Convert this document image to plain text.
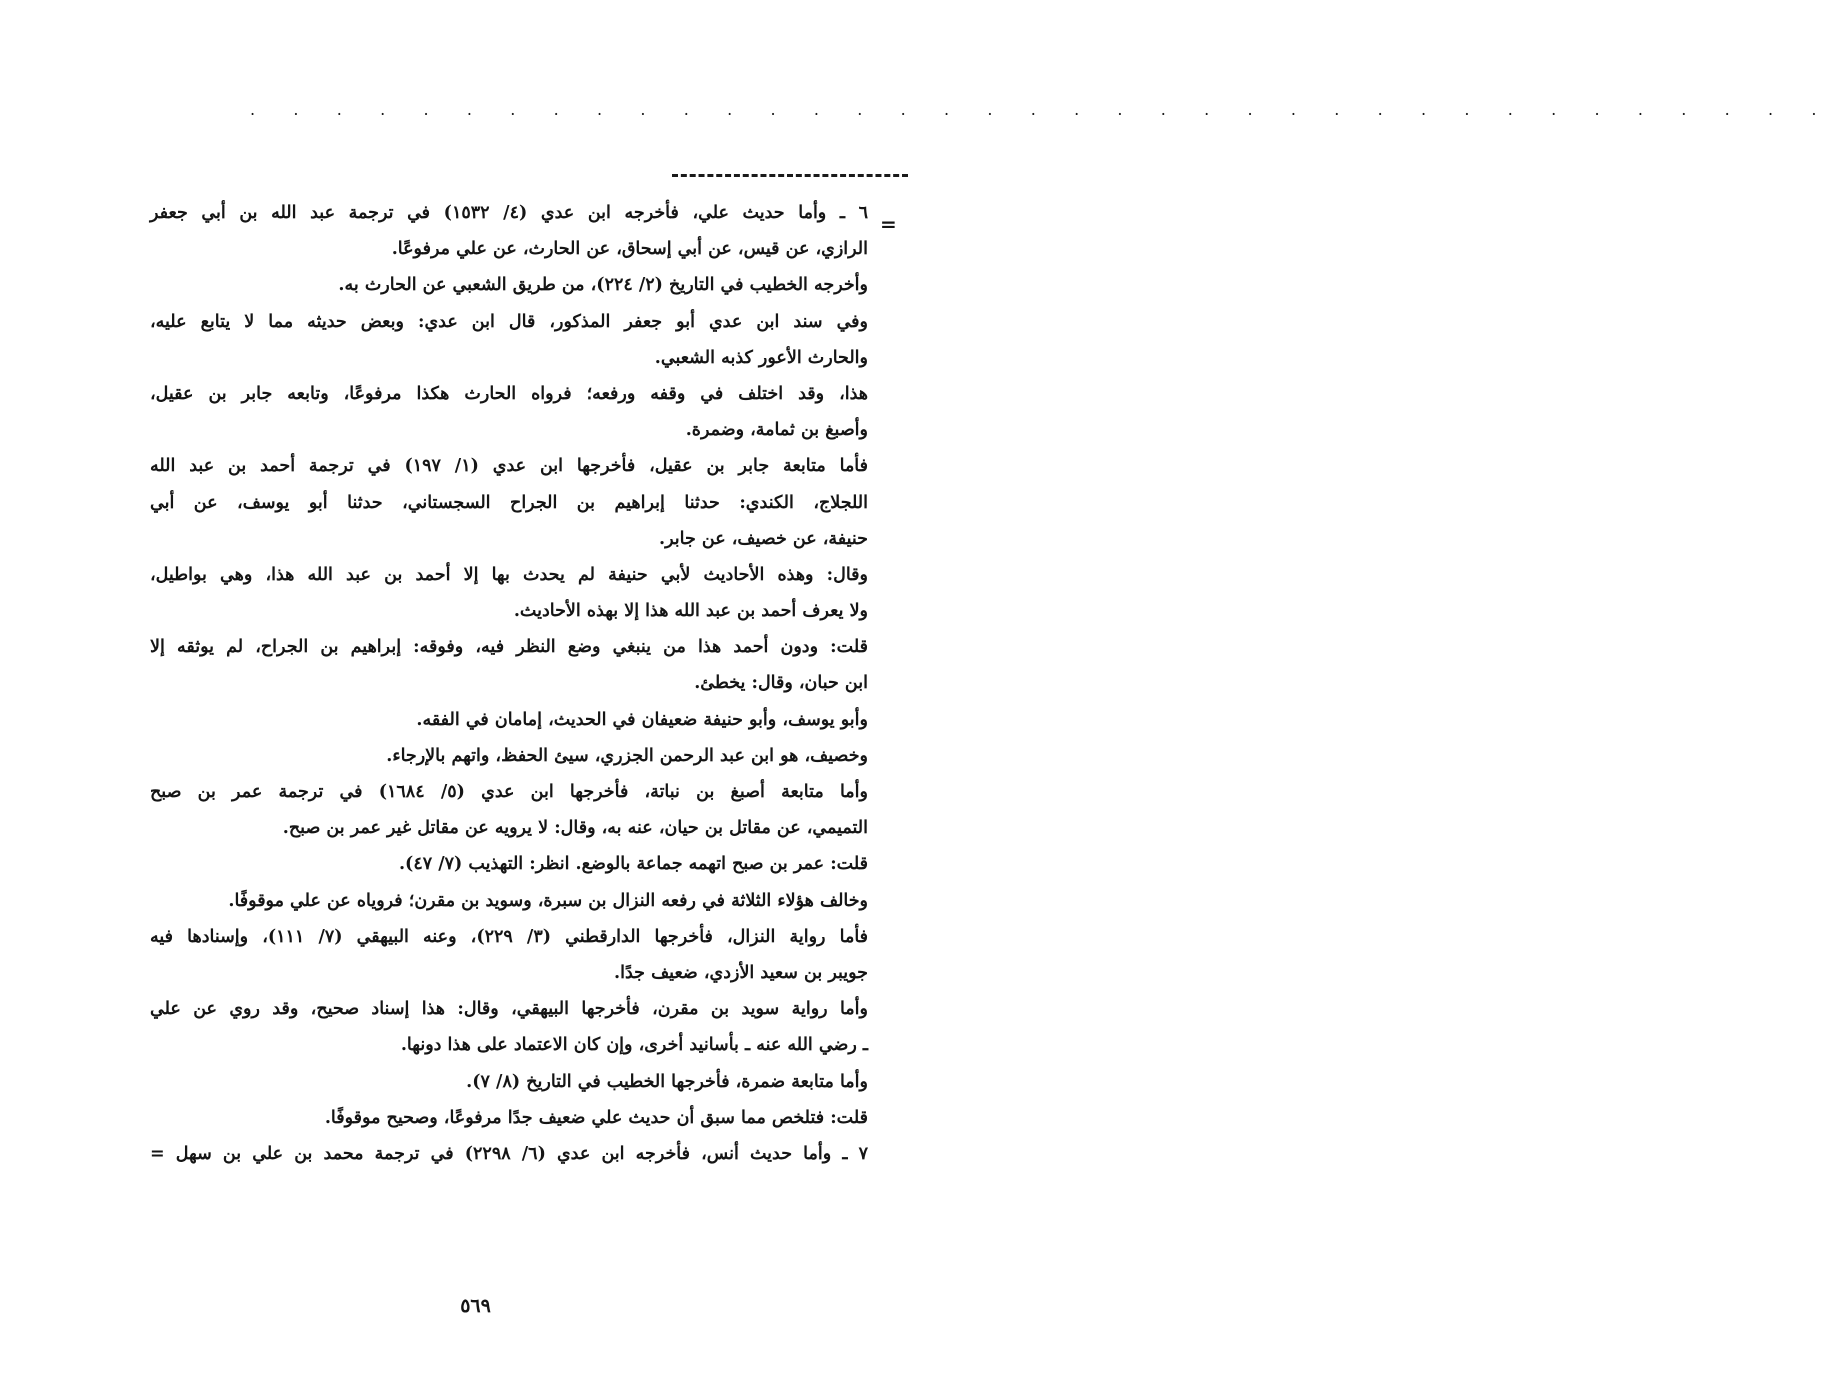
. . . . . . . . . . . . . . . . . . . . . . . . . . . . . . . . . . . . .
=
٦ ـ وأما حديث علي، فأخرجه ابن عدي (٤/ ١٥٣٢) في ترجمة عبد الله بن أبي جعفر
الرازي، عن قيس، عن أبي إسحاق، عن الحارث، عن علي مرفوعًا.
وأخرجه الخطيب في التاريخ (٢/ ٢٢٤)، من طريق الشعبي عن الحارث به.
وفي سند ابن عدي أبو جعفر المذكور، قال ابن عدي: وبعض حديثه مما لا يتابع عليه،
والحارث الأعور كذبه الشعبي.
هذا، وقد اختلف في وقفه ورفعه؛ فرواه الحارث هكذا مرفوعًا، وتابعه جابر بن عقيل،
وأصبغ بن ثمامة، وضمرة.
فأما متابعة جابر بن عقيل، فأخرجها ابن عدي (١/ ١٩٧) في ترجمة أحمد بن عبد الله
اللجلاج، الكندي: حدثنا إبراهيم بن الجراح السجستاني، حدثنا أبو يوسف، عن أبي
حنيفة، عن خصيف، عن جابر.
وقال: وهذه الأحاديث لأبي حنيفة لم يحدث بها إلا أحمد بن عبد الله هذا، وهي بواطيل،
ولا يعرف أحمد بن عبد الله هذا إلا بهذه الأحاديث.
قلت: ودون أحمد هذا من ينبغي وضع النظر فيه، وفوقه: إبراهيم بن الجراح، لم يوثقه إلا
ابن حبان، وقال: يخطئ.
وأبو يوسف، وأبو حنيفة ضعيفان في الحديث، إمامان في الفقه.
وخصيف، هو ابن عبد الرحمن الجزري، سيئ الحفظ، واتهم بالإرجاء.
وأما متابعة أصبغ بن نباتة، فأخرجها ابن عدي (٥/ ١٦٨٤) في ترجمة عمر بن صبح
التميمي، عن مقاتل بن حيان، عنه به، وقال: لا يرويه عن مقاتل غير عمر بن صبح.
قلت: عمر بن صبح اتهمه جماعة بالوضع. انظر: التهذيب (٧/ ٤٧).
وخالف هؤلاء الثلاثة في رفعه النزال بن سبرة، وسويد بن مقرن؛ فروياه عن علي موقوفًا.
فأما رواية النزال، فأخرجها الدارقطني (٣/ ٢٢٩)، وعنه البيهقي (٧/ ١١١)، وإسنادها فيه
جويبر بن سعيد الأزدي، ضعيف جدًا.
وأما رواية سويد بن مقرن، فأخرجها البيهقي، وقال: هذا إسناد صحيح، وقد روي عن علي
ـ رضي الله عنه ـ بأسانيد أخرى، وإن كان الاعتماد على هذا دونها.
وأما متابعة ضمرة، فأخرجها الخطيب في التاريخ (٨/ ٧).
قلت: فتلخص مما سبق أن حديث علي ضعيف جدًا مرفوعًا، وصحيح موقوفًا.
٧ ـ وأما حديث أنس، فأخرجه ابن عدي (٦/ ٢٢٩٨) في ترجمة محمد بن علي بن سهل =
٥٦٩
